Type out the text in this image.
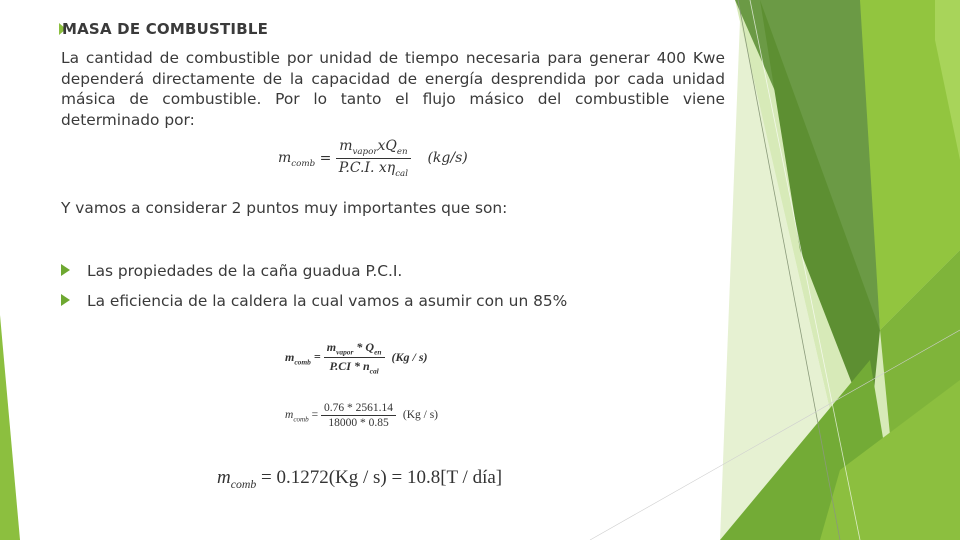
MASA DE COMBUSTIBLE
La cantidad de combustible por unidad de tiempo necesaria para generar 400 Kwe dependerá directamente de la capacidad de energía desprendida por cada unidad másica de combustible. Por lo tanto el flujo másico del combustible viene determinado por:
$m_{comb} = \frac{m_{vapor}xQ_{en}}{P.C.I. x\eta_{cal}} (kg/s)$
Y vamos a considerar 2 puntos muy importantes que son:
Las propiedades de la caña guadua P.C.I.
La eficiencia de la caldera la cual vamos a asumir con un 85%
$m_{comb} = \frac{m_{vapor} * Q_{en}}{P.CI * n_{cal}} (Kg / s)$
$m_{comb} = \frac{0.76 * 2561.14}{18000 * 0.85} (Kg / s)$
$m_{comb} = 0.1272(Kg / s) = 10.8[T$ / día]
